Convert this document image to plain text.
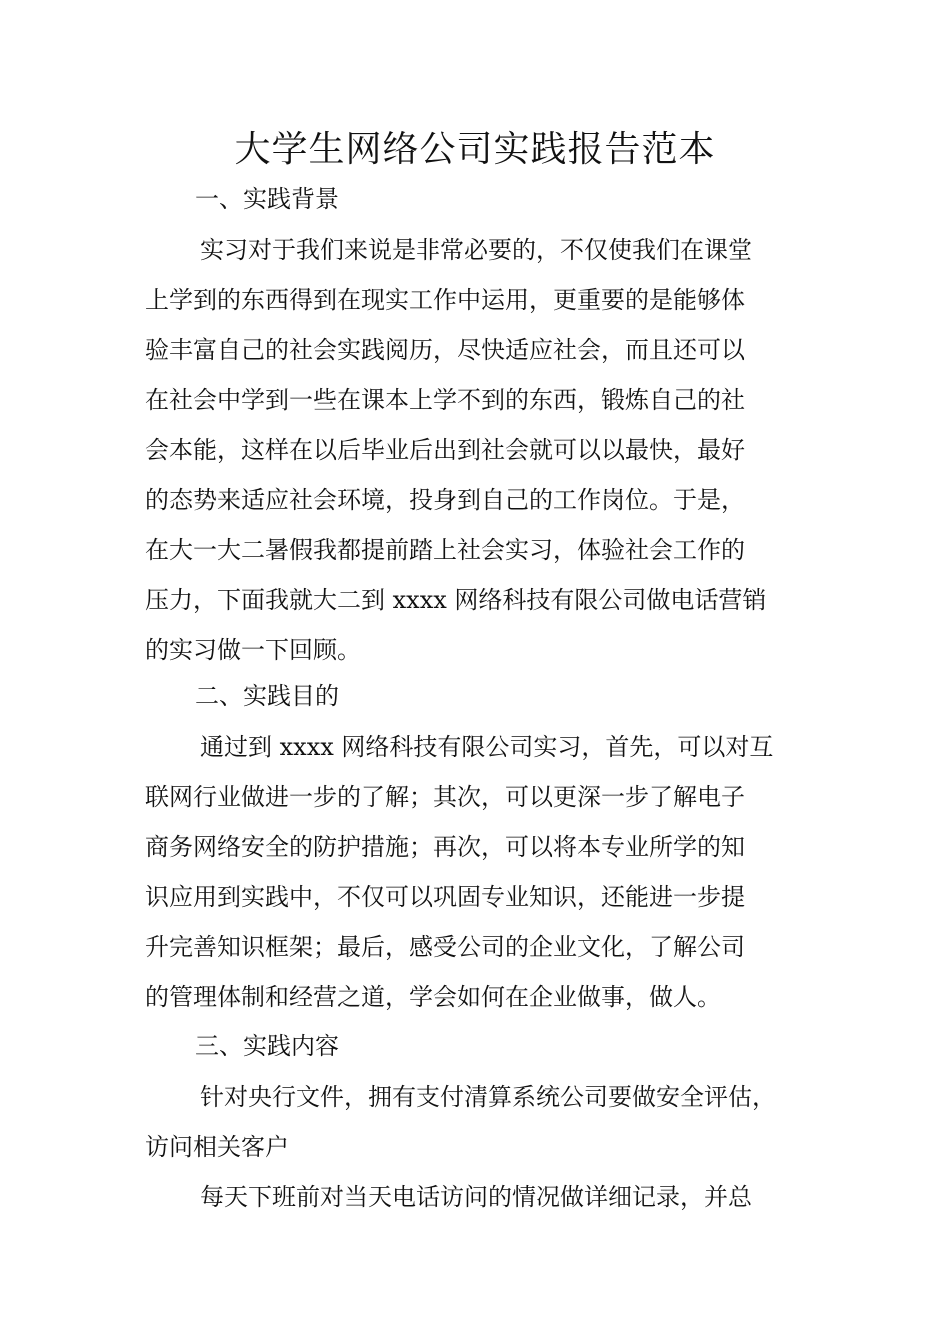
大学生网络公司实践报告范本

一、实践背景

实习对于我们来说是非常必要的，不仅使我们在课堂
上学到的东西得到在现实工作中运用，更重要的是能够体
验丰富自己的社会实践阅历，尽快适应社会，而且还可以
在社会中学到一些在课本上学不到的东西，锻炼自己的社
会本能，这样在以后毕业后出到社会就可以以最快，最好
的态势来适应社会环境，投身到自己的工作岗位。于是，
在大一大二暑假我都提前踏上社会实习，体验社会工作的
压力，下面我就大二到 xxxx 网络科技有限公司做电话营销
的实习做一下回顾。

二、实践目的

通过到 xxxx 网络科技有限公司实习，首先，可以对互
联网行业做进一步的了解；其次，可以更深一步了解电子
商务网络安全的防护措施；再次，可以将本专业所学的知
识应用到实践中，不仅可以巩固专业知识，还能进一步提
升完善知识框架；最后，感受公司的企业文化，了解公司
的管理体制和经营之道，学会如何在企业做事，做人。

三、实践内容

针对央行文件，拥有支付清算系统公司要做安全评估，
访问相关客户
每天下班前对当天电话访问的情况做详细记录，并总
